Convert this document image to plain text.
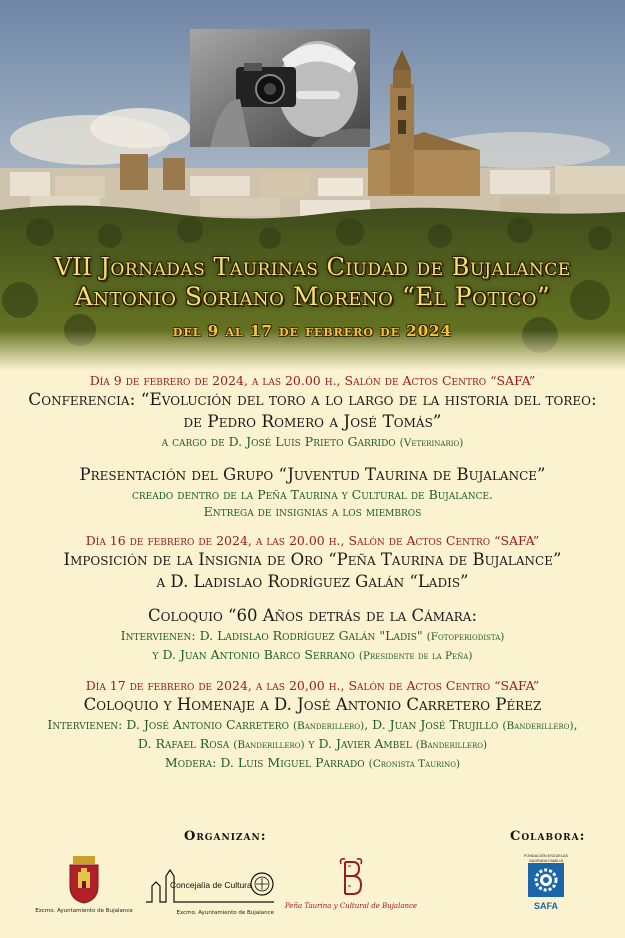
VII Jornadas Taurinas Ciudad de Bujalance
Antonio Soriano Moreno “El Potico”
del 9 al 17 de febrero de 2024
Día 9 de febrero de 2024, a las 20.00 h., Salón de Actos Centro “SAFA”
Conferencia: “Evolución del toro a lo largo de la historia del toreo:
de Pedro Romero a José Tomás”
a cargo de D. José Luis Prieto Garrido (Veterinario)
Presentación del Grupo “Juventud Taurina de Bujalance”
creado dentro de la Peña Taurina y Cultural de Bujalance.
Entrega de insignias a los miembros
Día 16 de febrero de 2024, a las 20.00 h., Salón de Actos Centro “SAFA”
Imposición de la Insignia de Oro “Peña Taurina de Bujalance”
a D. Ladislao Rodríguez Galán “Ladis”
Coloquio “60 Años detrás de la Cámara:
Intervienen: D. Ladislao Rodríguez Galán "Ladis" (Fotoperiodista)
y D. Juan Antonio Barco Serrano (Presidente de la Peña)
Día 17 de febrero de 2024, a las 20,00 h., Salón de Actos Centro “SAFA”
Coloquio y Homenaje a D. José Antonio Carretero Pérez
Intervienen: D. José Antonio Carretero (Banderillero), D. Juan José Trujillo (Banderillero),
D. Rafael Rosa (Banderillero) y D. Javier Ambel (Banderillero)
Modera: D. Luis Miguel Parrado (Cronista Taurino)
Organizan:	Colabora:
Excmo. Ayuntamiento de Bujalance
Concejalía de Cultura
Excmo. Ayuntamiento de Bujalance
Peña Taurina y Cultural de Bujalance
FUNDACIÓN ESCUELAS SAGRADA FAMILIA
SAFA
